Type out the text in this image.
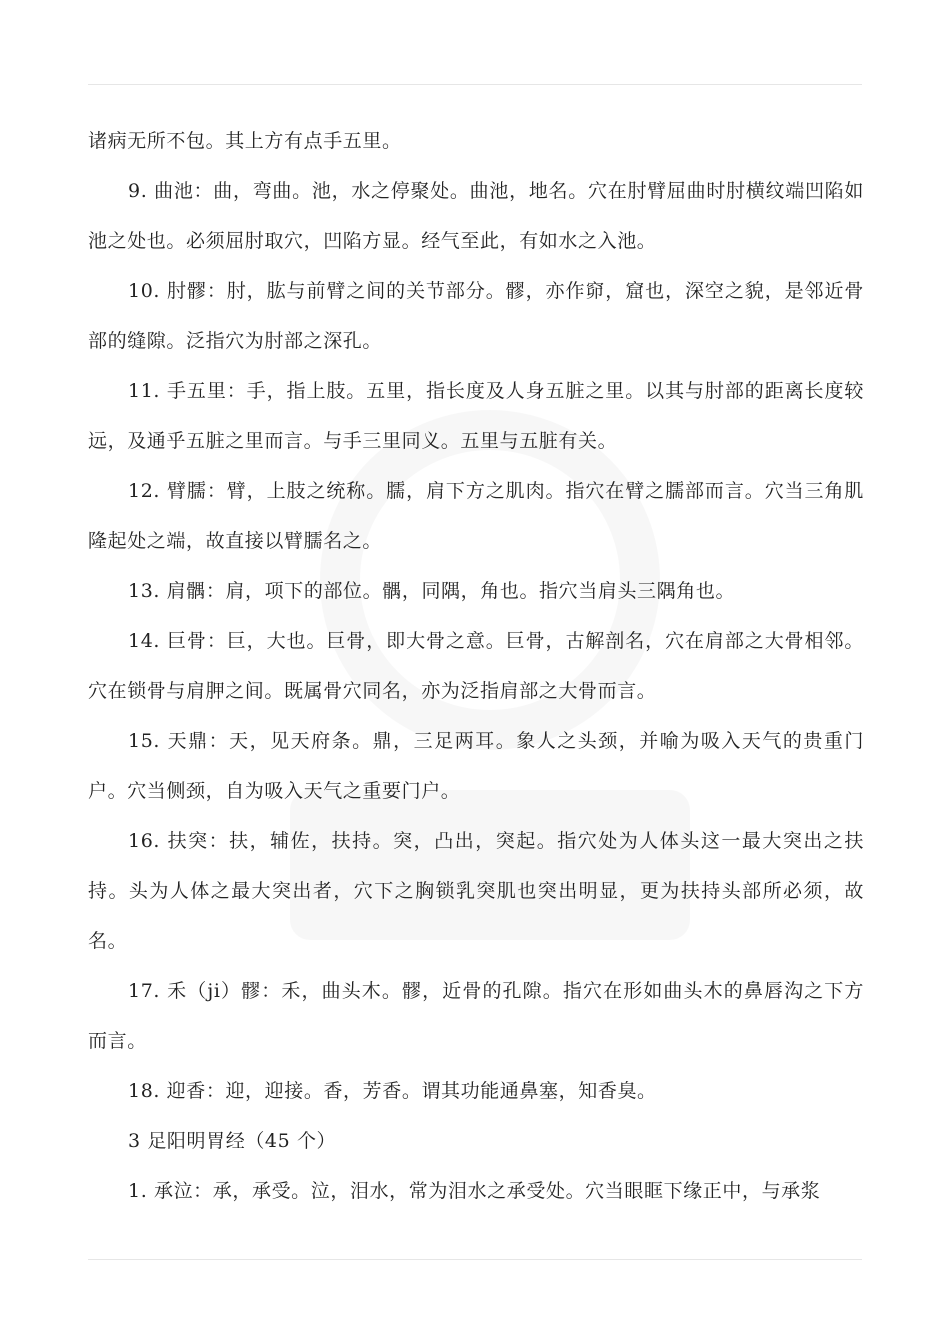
诸病无所不包。其上方有点手五里。

9. 曲池：曲，弯曲。池，水之停聚处。曲池，地名。穴在肘臂屈曲时肘横纹端凹陷如池之处也。必须屈肘取穴，凹陷方显。经气至此，有如水之入池。

10. 肘髎：肘，肱与前臂之间的关节部分。髎，亦作窌，窟也，深空之貌，是邻近骨部的缝隙。泛指穴为肘部之深孔。

11. 手五里：手，指上肢。五里，指长度及人身五脏之里。以其与肘部的距离长度较远，及通乎五脏之里而言。与手三里同义。五里与五脏有关。

12. 臂臑：臂，上肢之统称。臑，肩下方之肌肉。指穴在臂之臑部而言。穴当三角肌隆起处之端，故直接以臂臑名之。

13. 肩髃：肩，项下的部位。髃，同隅，角也。指穴当肩头三隅角也。

14. 巨骨：巨，大也。巨骨，即大骨之意。巨骨，古解剖名，穴在肩部之大骨相邻。穴在锁骨与肩胛之间。既属骨穴同名，亦为泛指肩部之大骨而言。

15. 天鼎：天，见天府条。鼎，三足两耳。象人之头颈，并喻为吸入天气的贵重门户。穴当侧颈，自为吸入天气之重要门户。

16. 扶突：扶，辅佐，扶持。突，凸出，突起。指穴处为人体头这一最大突出之扶持。头为人体之最大突出者，穴下之胸锁乳突肌也突出明显，更为扶持头部所必须，故名。

17. 禾（ji）髎：禾，曲头木。髎，近骨的孔隙。指穴在形如曲头木的鼻唇沟之下方而言。

18. 迎香：迎，迎接。香，芳香。谓其功能通鼻塞，知香臭。

3 足阳明胃经（45 个）

1. 承泣：承，承受。泣，泪水，常为泪水之承受处。穴当眼眶下缘正中，与承浆
